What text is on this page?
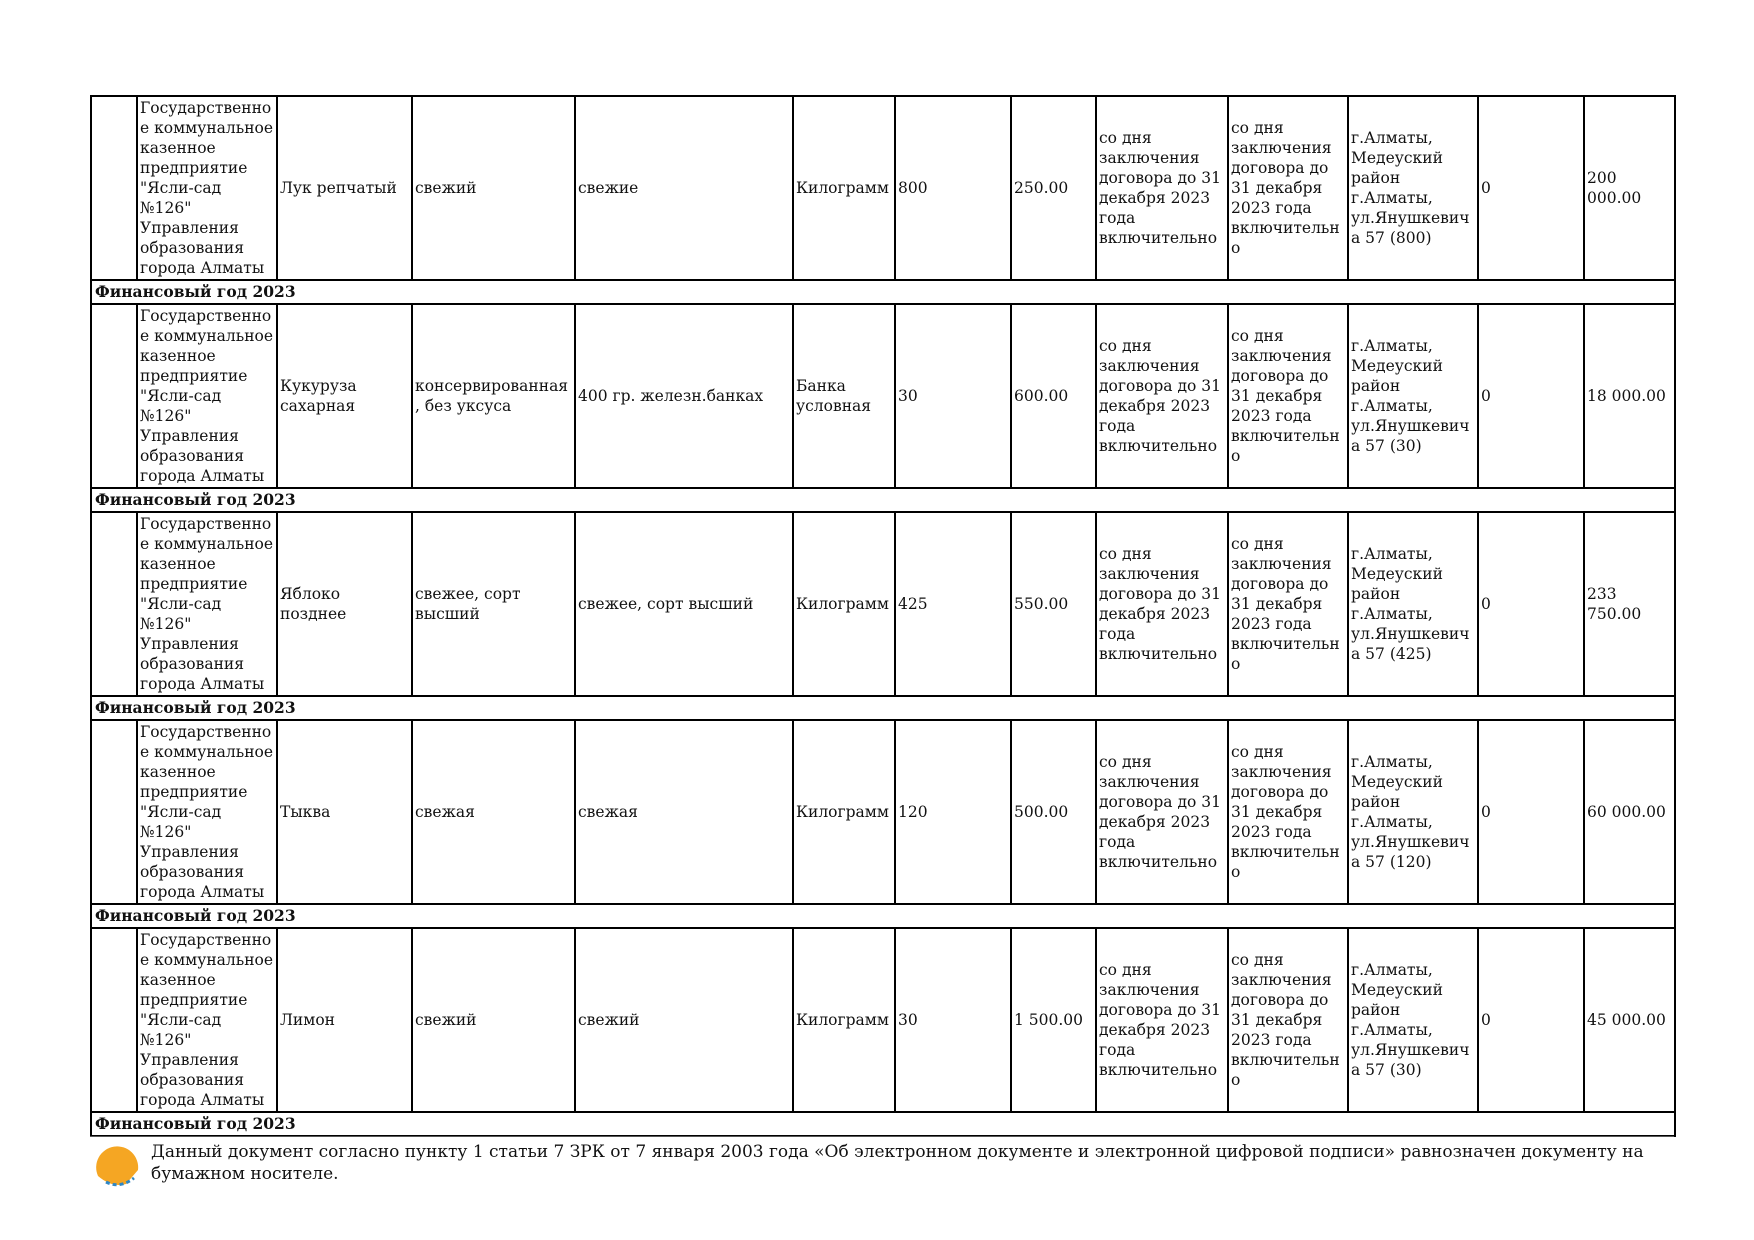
	Государственное коммунальное казенное предприятие "Ясли-сад №126" Управления образования города Алматы	Лук репчатый	свежий	свежие	Килограмм	800	250.00	со дня заключения договора до 31 декабря 2023 года включительно	со дня заключения договора до 31 декабря 2023 года включительно	г.Алматы, Медеуский район г.Алматы, ул.Янушкевича 57 (800)	0	200 000.00
Финансовый год 2023												
	Государственное коммунальное казенное предприятие "Ясли-сад №126" Управления образования города Алматы	Кукуруза сахарная	консервированная, без уксуса	400 гр. железн.банках	Банка условная	30	600.00	со дня заключения договора до 31 декабря 2023 года включительно	со дня заключения договора до 31 декабря 2023 года включительно	г.Алматы, Медеуский район г.Алматы, ул.Янушкевича 57 (30)	0	18 000.00
Финансовый год 2023												
	Государственное коммунальное казенное предприятие "Ясли-сад №126" Управления образования города Алматы	Яблоко позднее	свежее, сорт высший	свежее, сорт высший	Килограмм	425	550.00	со дня заключения договора до 31 декабря 2023 года включительно	со дня заключения договора до 31 декабря 2023 года включительно	г.Алматы, Медеуский район г.Алматы, ул.Янушкевича 57 (425)	0	233 750.00
Финансовый год 2023												
	Государственное коммунальное казенное предприятие "Ясли-сад №126" Управления образования города Алматы	Тыква	свежая	свежая	Килограмм	120	500.00	со дня заключения договора до 31 декабря 2023 года включительно	со дня заключения договора до 31 декабря 2023 года включительно	г.Алматы, Медеуский район г.Алматы, ул.Янушкевича 57 (120)	0	60 000.00
Финансовый год 2023												
	Государственное коммунальное казенное предприятие "Ясли-сад №126" Управления образования города Алматы	Лимон	свежий	свежий	Килограмм	30	1 500.00	со дня заключения договора до 31 декабря 2023 года включительно	со дня заключения договора до 31 декабря 2023 года включительно	г.Алматы, Медеуский район г.Алматы, ул.Янушкевича 57 (30)	0	45 000.00
Финансовый год 2023												
Данный документ согласно пункту 1 статьи 7 ЗРК от 7 января 2003 года «Об электронном документе и электронной цифровой подписи» равнозначен документу на бумажном носителе.
